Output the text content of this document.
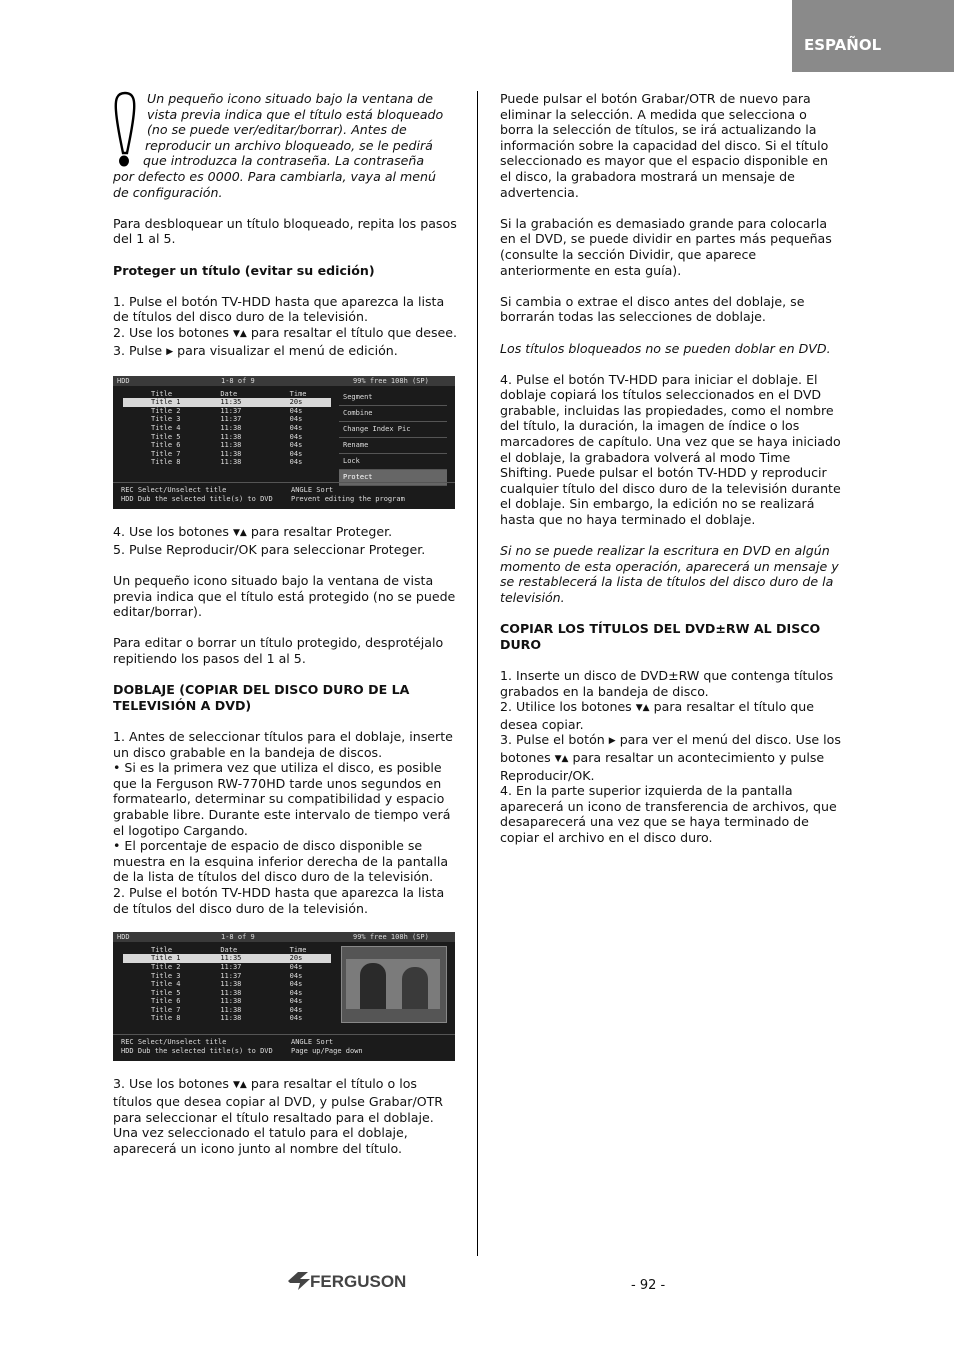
ESPAÑOL

Un pequeño icono situado bajo la ventana de
vista previa indica que el título está bloqueado
(no se puede ver/editar/borrar). Antes de
reproducir un archivo bloqueado, se le pedirá
que introduzca la contraseña. La contraseña
por defecto es 0000. Para cambiarla, vaya al menú
de configuración.

Para desbloquear un título bloqueado, repita los pasos del 1 al 5.

Proteger un título (evitar su edición)

1. Pulse el botón TV-HDD hasta que aparezca la lista de títulos del disco duro de la televisión.
2. Use los botones ▼▲ para resaltar el título que desee.
3. Pulse ▶ para visualizar el menú de edición.

HDD	1-8 of 9	99% free 108h (SP)
Title	Date	Time
Title 1	11:35	20s
Title 2	11:37	04s
Title 3	11:37	04s
Title 4	11:38	04s
Title 5	11:38	04s
Title 6	11:38	04s
Title 7	11:38	04s
Title 8	11:38	04s
Segment
Combine
Change Index Pic
Rename
Lock
Protect
REC Select/Unselect title
HDD Dub the selected title(s) to DVD
ANGLE Sort
Prevent editing the program

4. Use los botones ▼▲ para resaltar Proteger.
5. Pulse Reproducir/OK para seleccionar Proteger.

Un pequeño icono situado bajo la ventana de vista previa indica que el título está protegido (no se puede editar/borrar).

Para editar o borrar un título protegido, desprotéjalo repitiendo los pasos del 1 al 5.

DOBLAJE (COPIAR DEL DISCO DURO DE LA TELEVISIÓN A DVD)

1. Antes de seleccionar títulos para el doblaje, inserte un disco grabable en la bandeja de discos.
• Si es la primera vez que utiliza el disco, es posible que la Ferguson RW-770HD tarde unos segundos en formatearlo, determinar su compatibilidad y espacio grabable libre. Durante este intervalo de tiempo verá el logotipo Cargando.
• El porcentaje de espacio de disco disponible se muestra en la esquina inferior derecha de la pantalla de la lista de títulos del disco duro de la televisión.
2. Pulse el botón TV-HDD hasta que aparezca la lista de títulos del disco duro de la televisión.

HDD	1-8 of 9	99% free 108h (SP)
Title	Date	Time
Title 1	11:35	20s
Title 2	11:37	04s
Title 3	11:37	04s
Title 4	11:38	04s
Title 5	11:38	04s
Title 6	11:38	04s
Title 7	11:38	04s
Title 8	11:38	04s
REC Select/Unselect title
HDD Dub the selected title(s) to DVD
ANGLE Sort
Page up/Page down

3. Use los botones ▼▲ para resaltar el título o los títulos que desea copiar al DVD, y pulse Grabar/OTR para seleccionar el título resaltado para el doblaje. Una vez seleccionado el tatulo para el doblaje, aparecerá un icono junto al nombre del título.

Puede pulsar el botón Grabar/OTR de nuevo para eliminar la selección. A medida que selecciona o borra la selección de títulos, se irá actualizando la información sobre la capacidad del disco. Si el título seleccionado es mayor que el espacio disponible en el disco, la grabadora mostrará un mensaje de advertencia.

Si la grabación es demasiado grande para colocarla en el DVD, se puede dividir en partes más pequeñas (consulte la sección Dividir, que aparece anteriormente en esta guía).

Si cambia o extrae el disco antes del doblaje, se borrarán todas las selecciones de doblaje.

Los títulos bloqueados no se pueden doblar en DVD.

4. Pulse el botón TV-HDD para iniciar el doblaje. El doblaje copiará los títulos seleccionados en el DVD grabable, incluidas las propiedades, como el nombre del título, la duración, la imagen de índice o los marcadores de capítulo. Una vez que se haya iniciado el doblaje, la grabadora volverá al modo Time Shifting. Puede pulsar el botón TV-HDD y reproducir cualquier título del disco duro de la televisión durante el doblaje. Sin embargo, la edición no se realizará hasta que no haya terminado el doblaje.

Si no se puede realizar la escritura en DVD en algún momento de esta operación, aparecerá un mensaje y se restablecerá la lista de títulos del disco duro de la televisión.

COPIAR LOS TÍTULOS DEL DVD±RW AL DISCO DURO

1. Inserte un disco de DVD±RW que contenga títulos grabados en la bandeja de disco.
2. Utilice los botones ▼▲ para resaltar el título que desea copiar.
3. Pulse el botón ▶ para ver el menú del disco. Use los botones ▼▲ para resaltar un acontecimiento y pulse Reproducir/OK.
4. En la parte superior izquierda de la pantalla aparecerá un icono de transferencia de archivos, que desaparecerá una vez que se haya terminado de copiar el archivo en el disco duro.

FERGUSON	- 92 -
